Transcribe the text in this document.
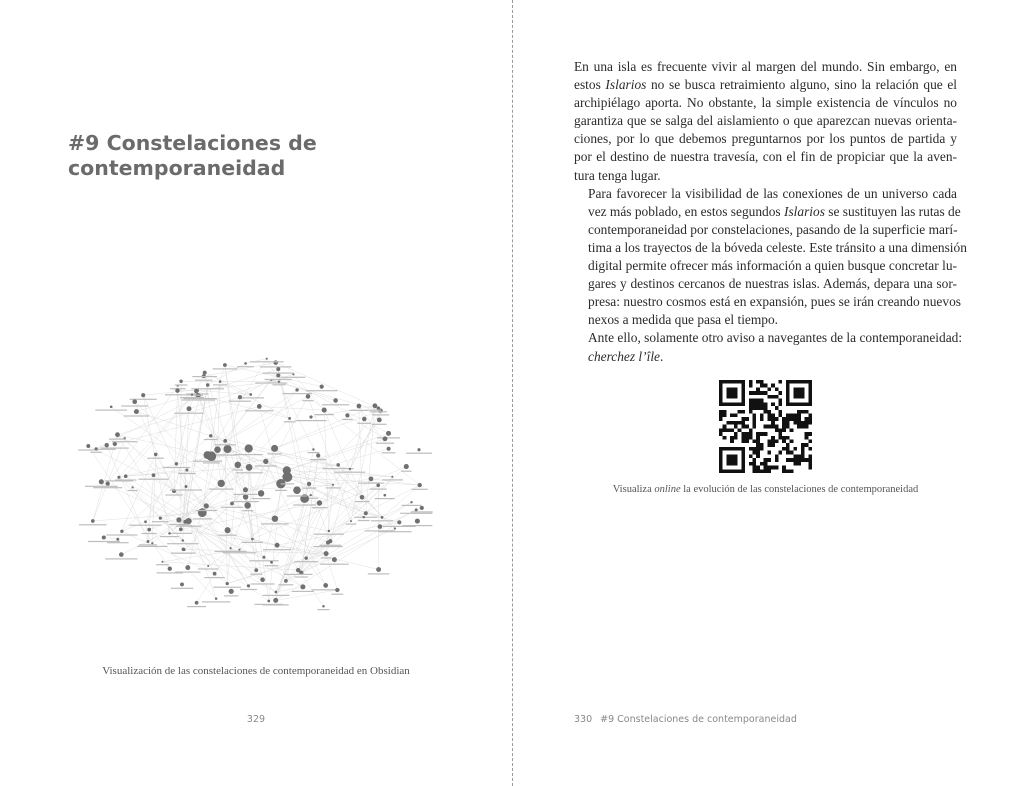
#9 Constelaciones de
contemporaneidad
Visualización de las constelaciones de contemporaneidad en Obsidian
329

En una isla es frecuente vivir al margen del mundo. Sin embargo, en
estos Islarios no se busca retraimiento alguno, sino la relación que el
archipiélago aporta. No obstante, la simple existencia de vínculos no
garantiza que se salga del aislamiento o que aparezcan nuevas orienta-
ciones, por lo que debemos preguntarnos por los puntos de partida y
por el destino de nuestra travesía, con el fin de propiciar que la aven-
tura tenga lugar.

Para favorecer la visibilidad de las conexiones de un universo cada
vez más poblado, en estos segundos Islarios se sustituyen las rutas de
contemporaneidad por constelaciones, pasando de la superficie marí-
tima a los trayectos de la bóveda celeste. Este tránsito a una dimensión
digital permite ofrecer más información a quien busque concretar lu-
gares y destinos cercanos de nuestras islas. Además, depara una sor-
presa: nuestro cosmos está en expansión, pues se irán creando nuevos
nexos a medida que pasa el tiempo.

Ante ello, solamente otro aviso a navegantes de la contemporaneidad:
cherchez l’île.

Visualiza online la evolución de las constelaciones de contemporaneidad
330 #9 Constelaciones de contemporaneidad
